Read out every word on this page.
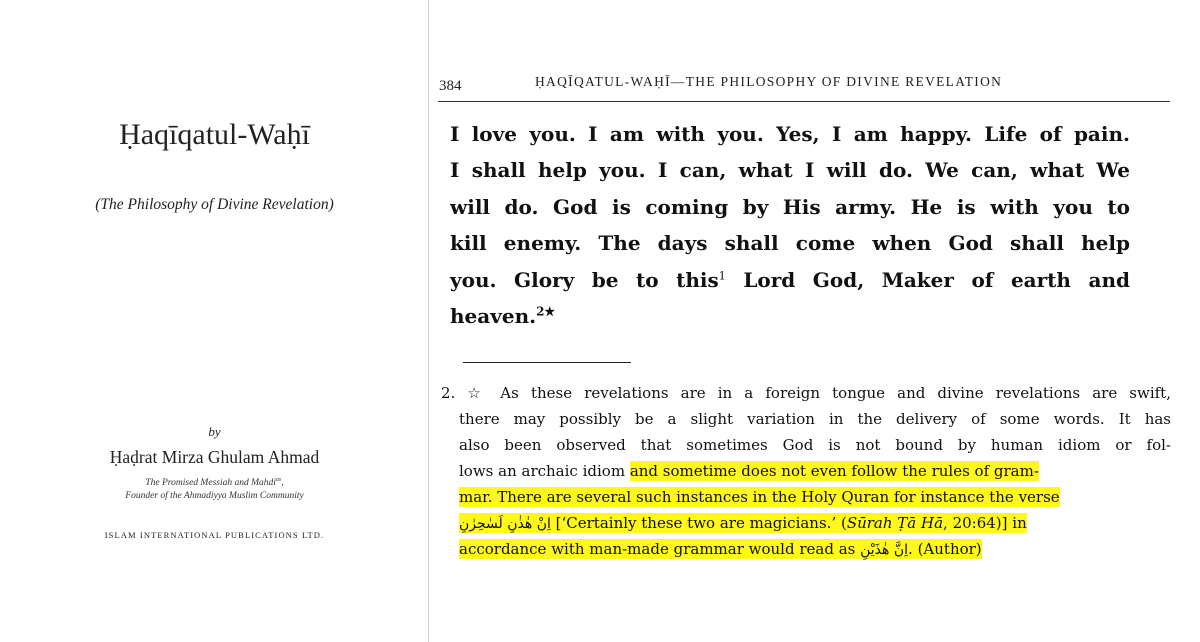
Ḥaqīqatul-Waḥī
(The Philosophy of Divine Revelation)
by
Ḥaḍrat Mirza Ghulam Ahmad
The Promised Messiah and Mahdi$^{as}$,
Founder of the Ahmadiyya Muslim Community
ISLAM INTERNATIONAL PUBLICATIONS LTD.
384	ḤAQĪQATUL-WAḤĪ—THE PHILOSOPHY OF DIVINE REVELATION
I love you. I am with you. Yes, I am happy. Life of pain.
I shall help you. I can, what I will do. We can, what We
will do. God is coming by His army. He is with you to
kill enemy. The days shall come when God shall help
you. Glory be to this$^1$ Lord God, Maker of earth and
heaven.$^{2★}$
2. ☆ As these revelations are in a foreign tongue and divine revelations are swift,
there may possibly be a slight variation in the delivery of some words. It has
also been observed that sometimes God is not bound by human idiom or fol-
lows an archaic idiom and sometime does not even follow the rules of gram-
mar. There are several such instances in the Holy Quran for instance the verse
اِنْ هٰذٰنِ لَسٰحِرٰنِ [‘Certainly these two are magicians.’ (Sūrah Ṭā Hā, 20:64)] in
accordance with man-made grammar would read as اِنَّ هٰذَيْنِ. (Author)
